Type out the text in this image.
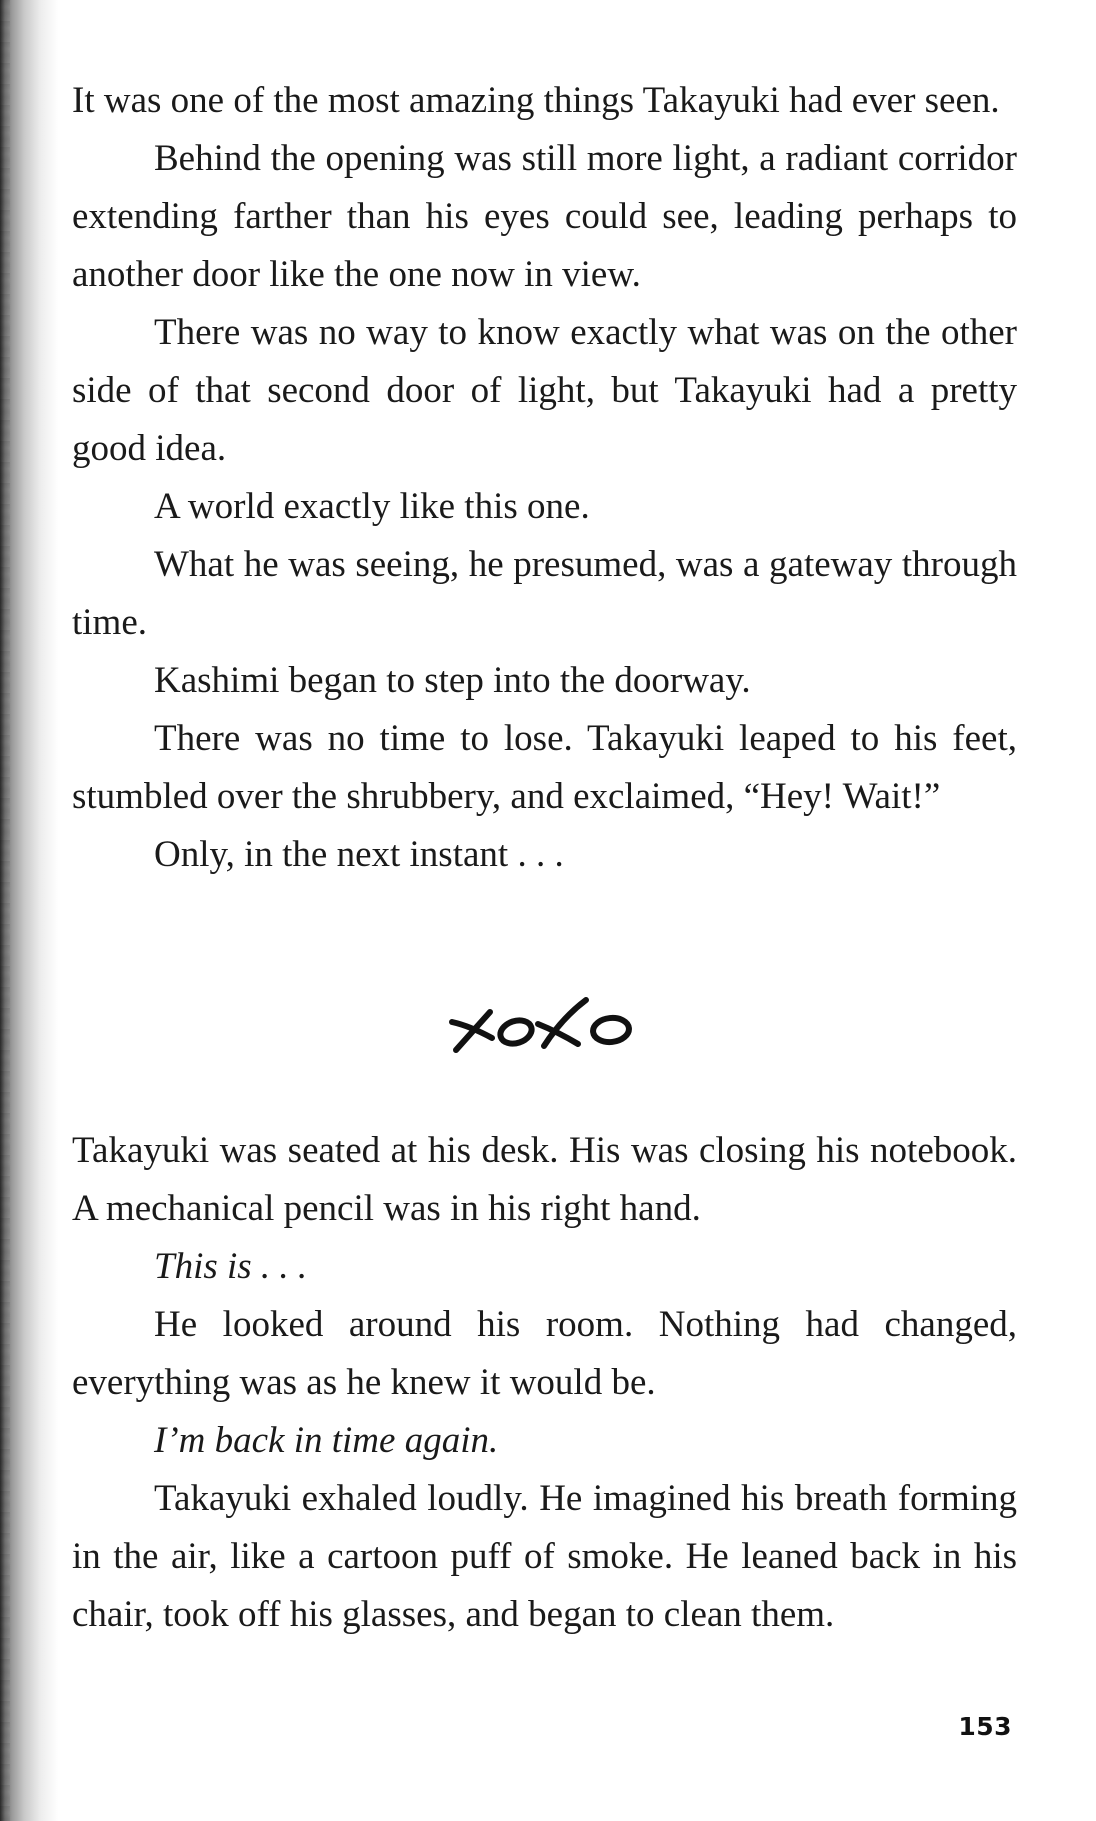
It was one of the most amazing things Takayuki had ever seen.

Behind the opening was still more light, a radiant corridor extending farther than his eyes could see, leading perhaps to another door like the one now in view.

There was no way to know exactly what was on the other side of that second door of light, but Takayuki had a pretty good idea.

A world exactly like this one.

What he was seeing, he presumed, was a gateway through time.

Kashimi began to step into the doorway.

There was no time to lose. Takayuki leaped to his feet, stumbled over the shrubbery, and exclaimed, “Hey! Wait!”

Only, in the next instant . . .

Takayuki was seated at his desk. His was closing his notebook. A mechanical pencil was in his right hand.

This is . . .

He looked around his room. Nothing had changed, everything was as he knew it would be.

I’m back in time again.

Takayuki exhaled loudly. He imagined his breath forming in the air, like a cartoon puff of smoke. He leaned back in his chair, took off his glasses, and began to clean them.

153
